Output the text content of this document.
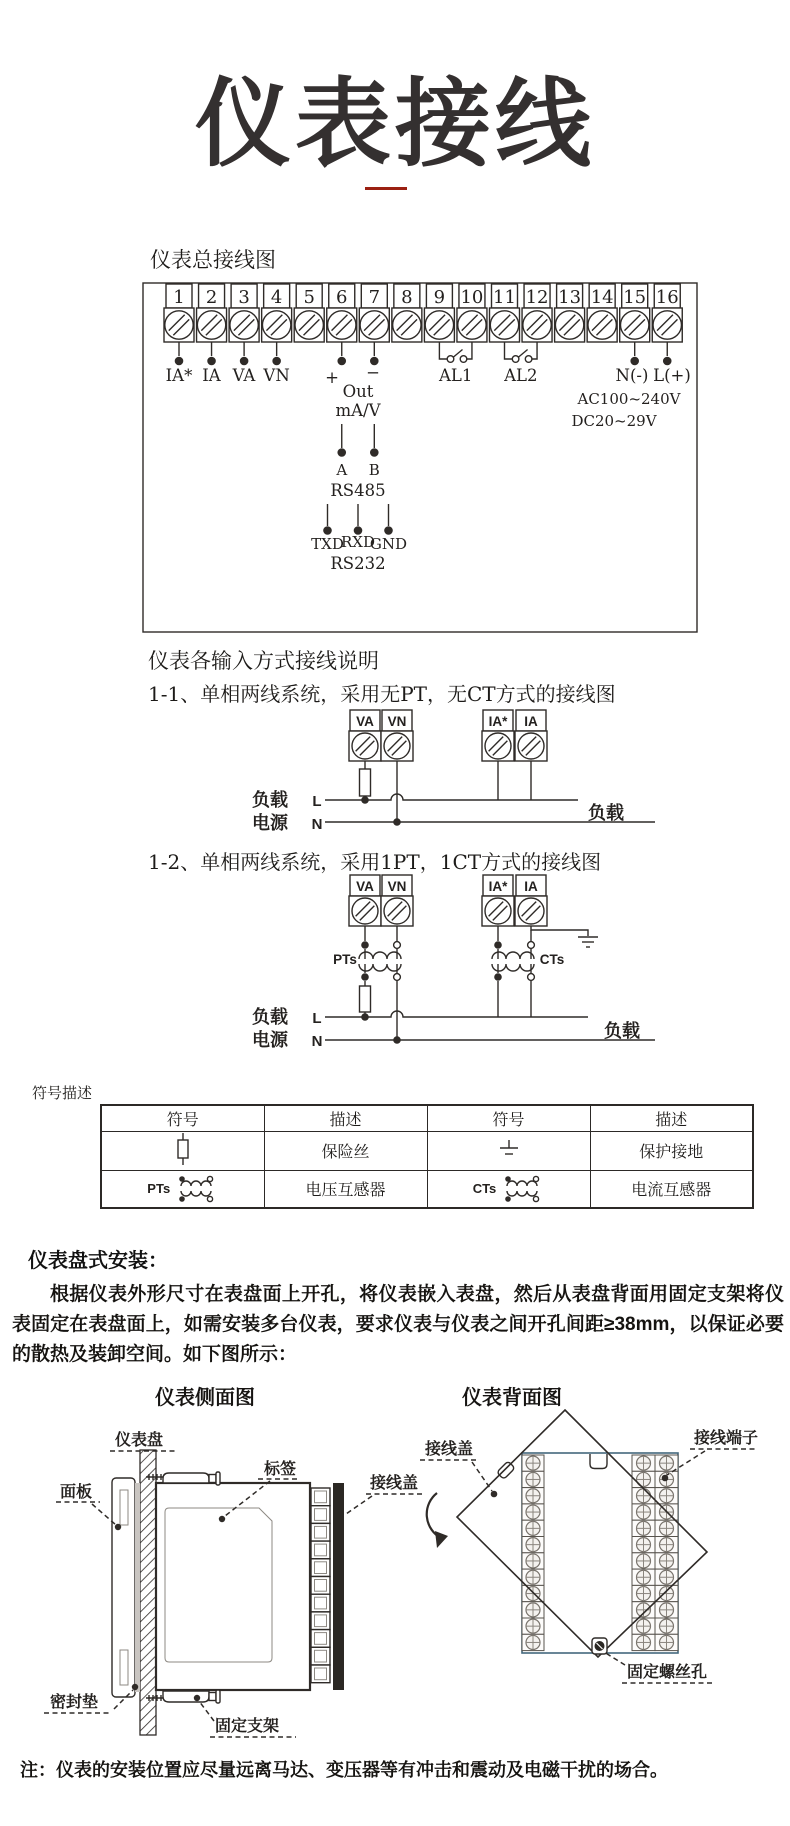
仪表接线
仪表总接线图
1 2 3 4 5 6 7 8 9 10 11 12 13 14 15 16
IA* IA VA VN + −
Out
mA/V
AL1 AL2	N(-) L(+)
AC100~240V
DC20~29V
A B
RS485
TXD
RXD
GND
RS232
仪表各输入方式接线说明
1-1、单相两线系统，采用无PT，无CT方式的接线图
VA VN	IA* IA
负载 L
电源 N
负载
1-2、单相两线系统，采用1PT，1CT方式的接线图
VA VN	IA* IA
PTs	CTs
负载 L
电源 N
负载
符号描述
符号	描述	符号	描述
	保险丝		保护接地

PTs	电压互感器	CTs	电流互感器
仪表盘式安装：
根据仪表外形尺寸在表盘面上开孔，将仪表嵌入表盘，然后从表盘背面用固定支架将仪表固定在表盘面上，如需安装多台仪表，要求仪表与仪表之间开孔间距≥38mm，以保证必要的散热及装卸空间。如下图所示：
仪表侧面图	仪表背面图
仪表盘
面板
标签
接线盖
密封垫
固定支架
接线盖
接线端子
固定螺丝孔
注：仪表的安装位置应尽量远离马达、变压器等有冲击和震动及电磁干扰的场合。
